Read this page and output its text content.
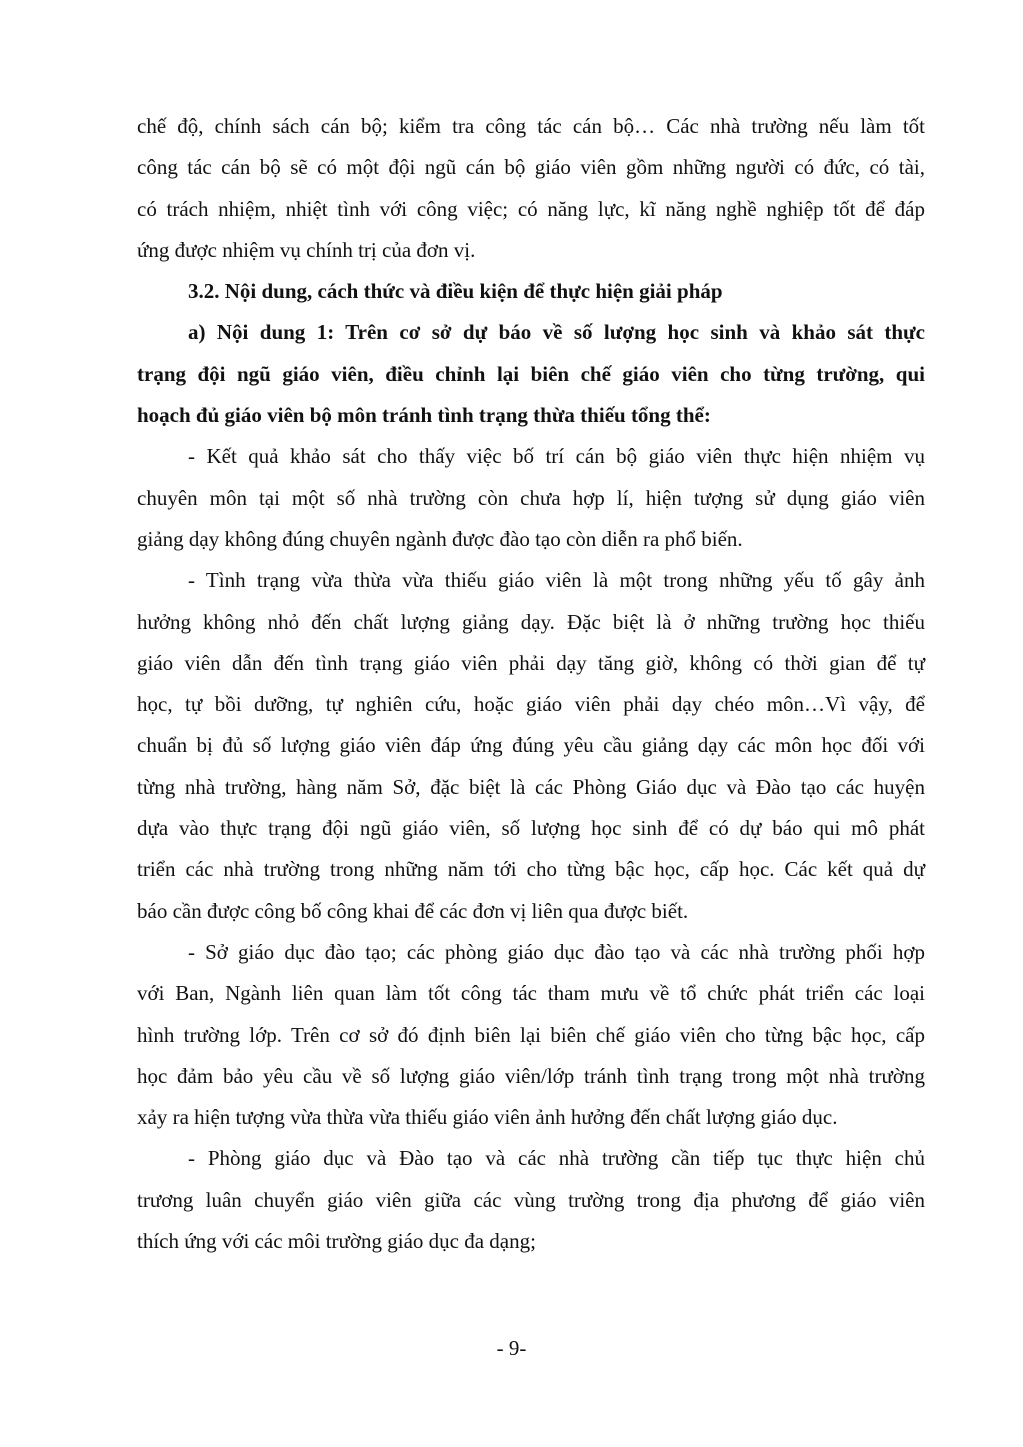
chế độ, chính sách cán bộ; kiểm tra công tác cán bộ… Các nhà trường nếu làm tốt
công tác cán bộ sẽ có một đội ngũ cán bộ giáo viên gồm những người có đức, có tài,
có trách nhiệm, nhiệt tình với công việc; có năng lực, kĩ năng nghề nghiệp tốt để đáp
ứng được nhiệm vụ chính trị của đơn vị.
3.2. Nội dung, cách thức và điều kiện để thực hiện giải pháp
a) Nội dung 1: Trên cơ sở dự báo về số lượng học sinh và khảo sát thực
trạng đội ngũ giáo viên, điều chỉnh lại biên chế giáo viên cho từng trường, qui
hoạch đủ giáo viên bộ môn tránh tình trạng thừa thiếu tổng thể:
- Kết quả khảo sát cho thấy việc bố trí cán bộ giáo viên thực hiện nhiệm vụ
chuyên môn tại một số nhà trường còn chưa hợp lí, hiện tượng sử dụng giáo viên
giảng dạy không đúng chuyên ngành được đào tạo còn diễn ra phổ biến.
- Tình trạng vừa thừa vừa thiếu giáo viên là một trong những yếu tố gây ảnh
hưởng không nhỏ đến chất lượng giảng dạy. Đặc biệt là ở những trường học thiếu
giáo viên dẫn đến tình trạng giáo viên phải dạy tăng giờ, không có thời gian để tự
học, tự bồi dưỡng, tự nghiên cứu, hoặc giáo viên phải dạy chéo môn…Vì vậy, để
chuẩn bị đủ số lượng giáo viên đáp ứng đúng yêu cầu giảng dạy các môn học đối với
từng nhà trường, hàng năm Sở, đặc biệt là các Phòng Giáo dục và Đào tạo các huyện
dựa vào thực trạng đội ngũ giáo viên, số lượng học sinh để có dự báo qui mô phát
triển các nhà trường trong những năm tới cho từng bậc học, cấp học. Các kết quả dự
báo cần được công bố công khai để các đơn vị liên qua được biết.
- Sở giáo dục đào tạo; các phòng giáo dục đào tạo và các nhà trường phối hợp
với Ban, Ngành liên quan làm tốt công tác tham mưu về tổ chức phát triển các loại
hình trường lớp. Trên cơ sở đó định biên lại biên chế giáo viên cho từng bậc học, cấp
học đảm bảo yêu cầu về số lượng giáo viên/lớp tránh tình trạng trong một nhà trường
xảy ra hiện tượng vừa thừa vừa thiếu giáo viên ảnh hưởng đến chất lượng giáo dục.
- Phòng giáo dục và Đào tạo và các nhà trường cần tiếp tục thực hiện chủ
trương luân chuyển giáo viên giữa các vùng trường trong địa phương để giáo viên
thích ứng với các môi trường giáo dục đa dạng;
- 9-
